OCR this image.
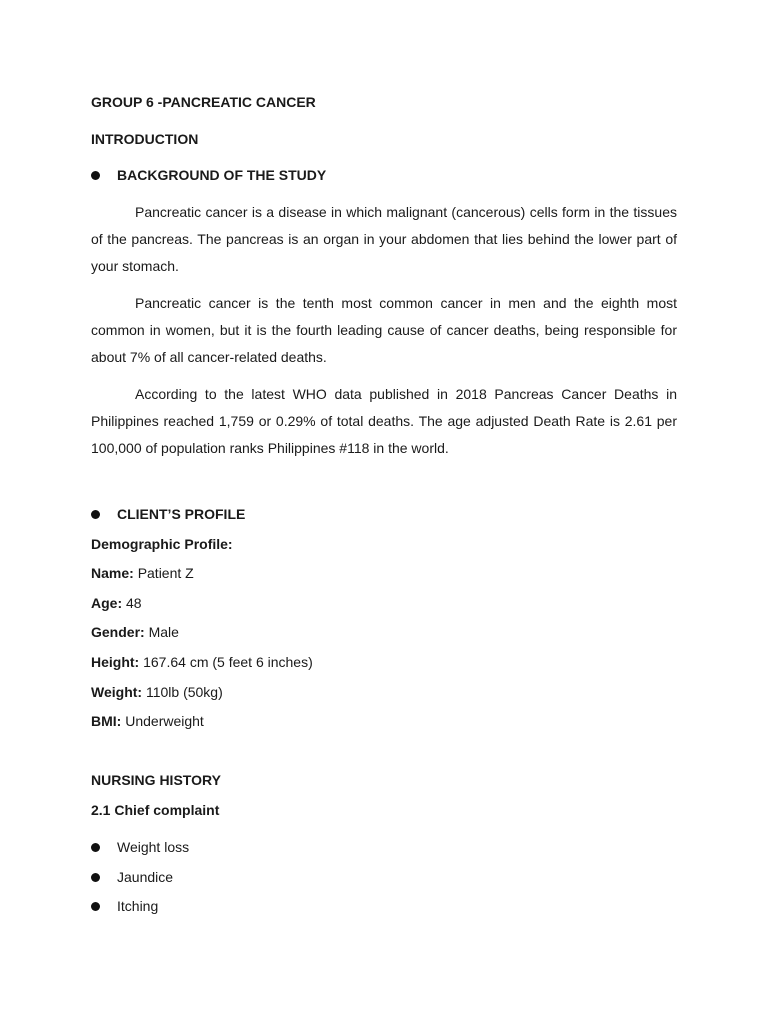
GROUP 6 -PANCREATIC CANCER
INTRODUCTION
BACKGROUND OF THE STUDY

Pancreatic cancer is a disease in which malignant (cancerous) cells form in the tissues of the pancreas. The pancreas is an organ in your abdomen that lies behind the lower part of your stomach.

Pancreatic cancer is the tenth most common cancer in men and the eighth most common in women, but it is the fourth leading cause of cancer deaths, being responsible for about 7% of all cancer-related deaths.

According to the latest WHO data published in 2018 Pancreas Cancer Deaths in Philippines reached 1,759 or 0.29% of total deaths. The age adjusted Death Rate is 2.61 per 100,000 of population ranks Philippines #118 in the world.

CLIENT’S PROFILE
Demographic Profile:
Name: Patient Z
Age: 48
Gender: Male
Height: 167.64 cm (5 feet 6 inches)
Weight: 110lb (50kg)
BMI: Underweight
NURSING HISTORY
2.1 Chief complaint
Weight loss
Jaundice
Itching
